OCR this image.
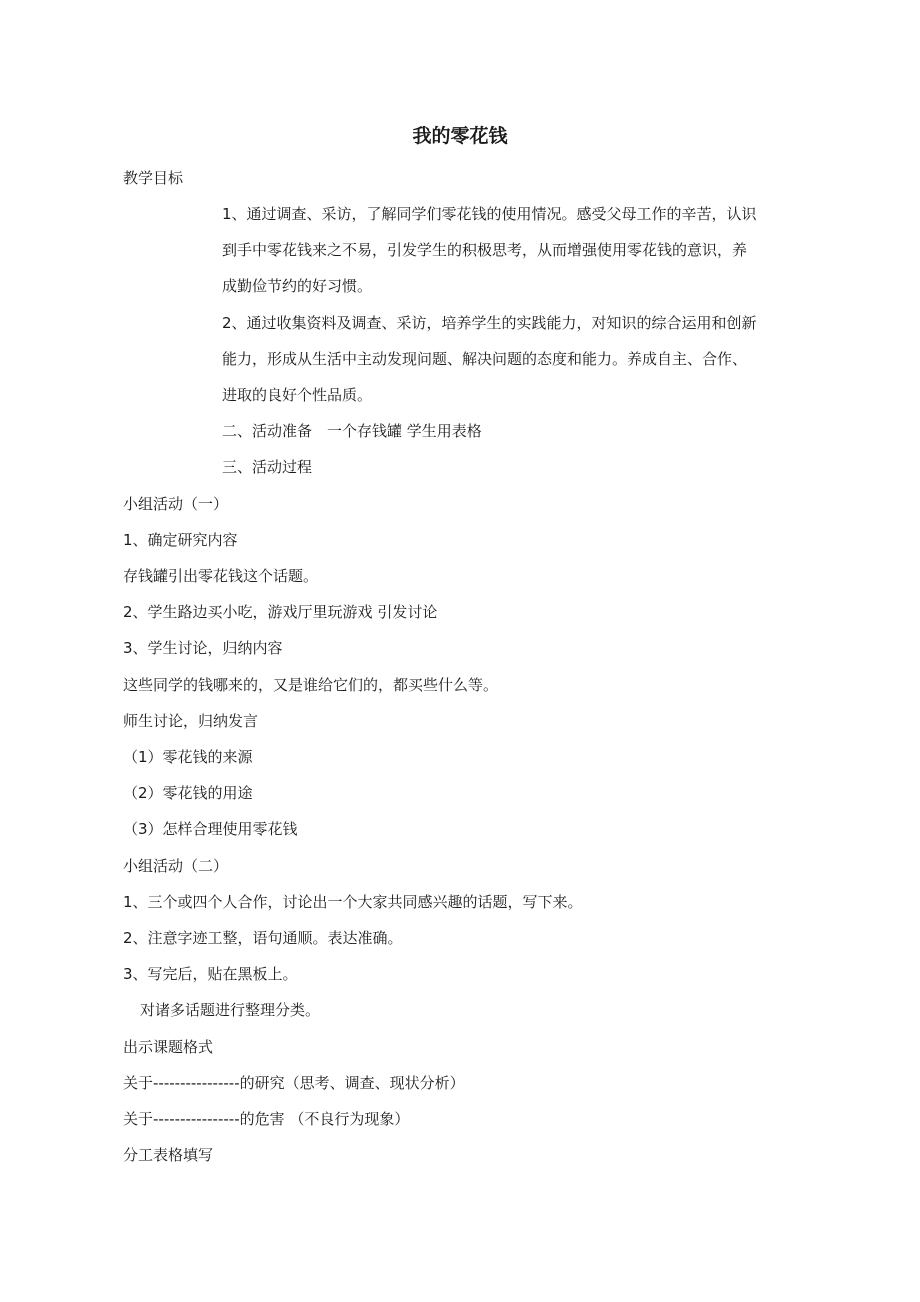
我的零花钱
教学目标
1、通过调查、采访，了解同学们零花钱的使用情况。感受父母工作的辛苦，认识
到手中零花钱来之不易，引发学生的积极思考，从而增强使用零花钱的意识，养
成勤俭节约的好习惯。
2、通过收集资料及调查、采访，培养学生的实践能力，对知识的综合运用和创新
能力，形成从生活中主动发现问题、解决问题的态度和能力。养成自主、合作、
进取的良好个性品质。
二、活动准备　一个存钱罐 学生用表格
三、活动过程
小组活动（一）
1、确定研究内容
存钱罐引出零花钱这个话题。
2、学生路边买小吃，游戏厅里玩游戏 引发讨论
3、学生讨论，归纳内容
这些同学的钱哪来的，又是谁给它们的，都买些什么等。
师生讨论，归纳发言
（1）零花钱的来源
（2）零花钱的用途
（3）怎样合理使用零花钱
小组活动（二）
1、三个或四个人合作，讨论出一个大家共同感兴趣的话题，写下来。
2、注意字迹工整，语句通顺。表达准确。
3、写完后，贴在黑板上。
对诸多话题进行整理分类。
出示课题格式
关于----------------的研究（思考、调查、现状分析）
关于----------------的危害 （不良行为现象）
分工表格填写
